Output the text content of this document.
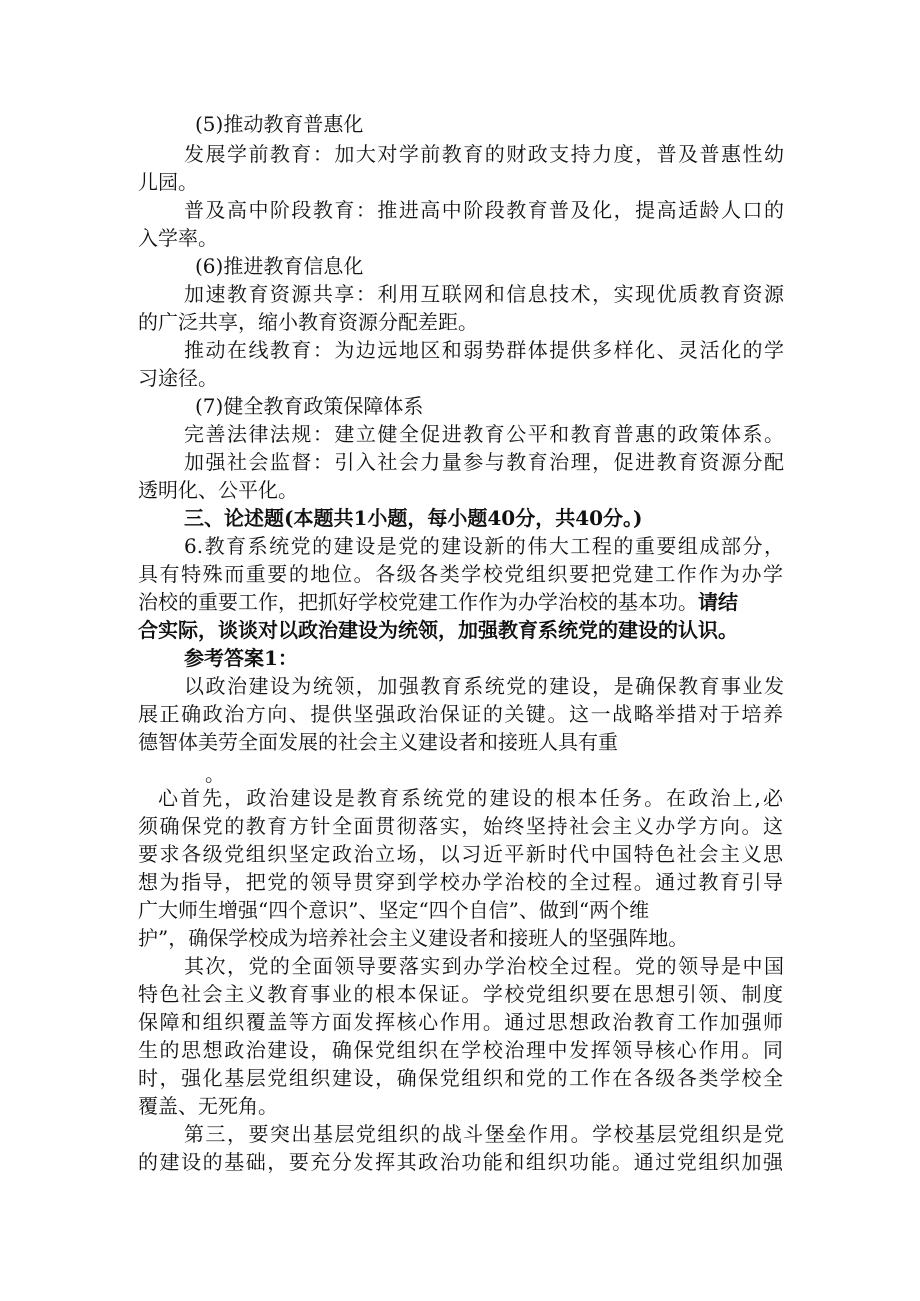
(5)推动教育普惠化
发展学前教育：加大对学前教育的财政支持力度，普及普惠性幼
儿园。
普及高中阶段教育：推进高中阶段教育普及化，提高适龄人口的
入学率。
(6)推进教育信息化
加速教育资源共享：利用互联网和信息技术，实现优质教育资源
的广泛共享，缩小教育资源分配差距。
推动在线教育：为边远地区和弱势群体提供多样化、灵活化的学
习途径。
(7)健全教育政策保障体系
完善法律法规：建立健全促进教育公平和教育普惠的政策体系。
加强社会监督：引入社会力量参与教育治理，促进教育资源分配
透明化、公平化。
三、论述题(本题共1小题，每小题40分，共40分。)
6.教育系统党的建设是党的建设新的伟大工程的重要组成部分，
具有特殊而重要的地位。各级各类学校党组织要把党建工作作为办学
治校的重要工作，把抓好学校党建工作作为办学治校的基本功。请结
合实际，谈谈对以政治建设为统领，加强教育系统党的建设的认识。
参考答案1：
以政治建设为统领，加强教育系统党的建设，是确保教育事业发
展正确政治方向、提供坚强政治保证的关键。这一战略举措对于培养
德智体美劳全面发展的社会主义建设者和接班人具有重
。
心首先，政治建设是教育系统党的建设的根本任务。在政治上,必
须确保党的教育方针全面贯彻落实，始终坚持社会主义办学方向。这
要求各级党组织坚定政治立场，以习近平新时代中国特色社会主义思
想为指导，把党的领导贯穿到学校办学治校的全过程。通过教育引导
广大师生增强“四个意识”、坚定“四个自信”、做到“两个维
护”，确保学校成为培养社会主义建设者和接班人的坚强阵地。
其次，党的全面领导要落实到办学治校全过程。党的领导是中国
特色社会主义教育事业的根本保证。学校党组织要在思想引领、制度
保障和组织覆盖等方面发挥核心作用。通过思想政治教育工作加强师
生的思想政治建设，确保党组织在学校治理中发挥领导核心作用。同
时，强化基层党组织建设，确保党组织和党的工作在各级各类学校全
覆盖、无死角。
第三，要突出基层党组织的战斗堡垒作用。学校基层党组织是党
的建设的基础，要充分发挥其政治功能和组织功能。通过党组织加强
